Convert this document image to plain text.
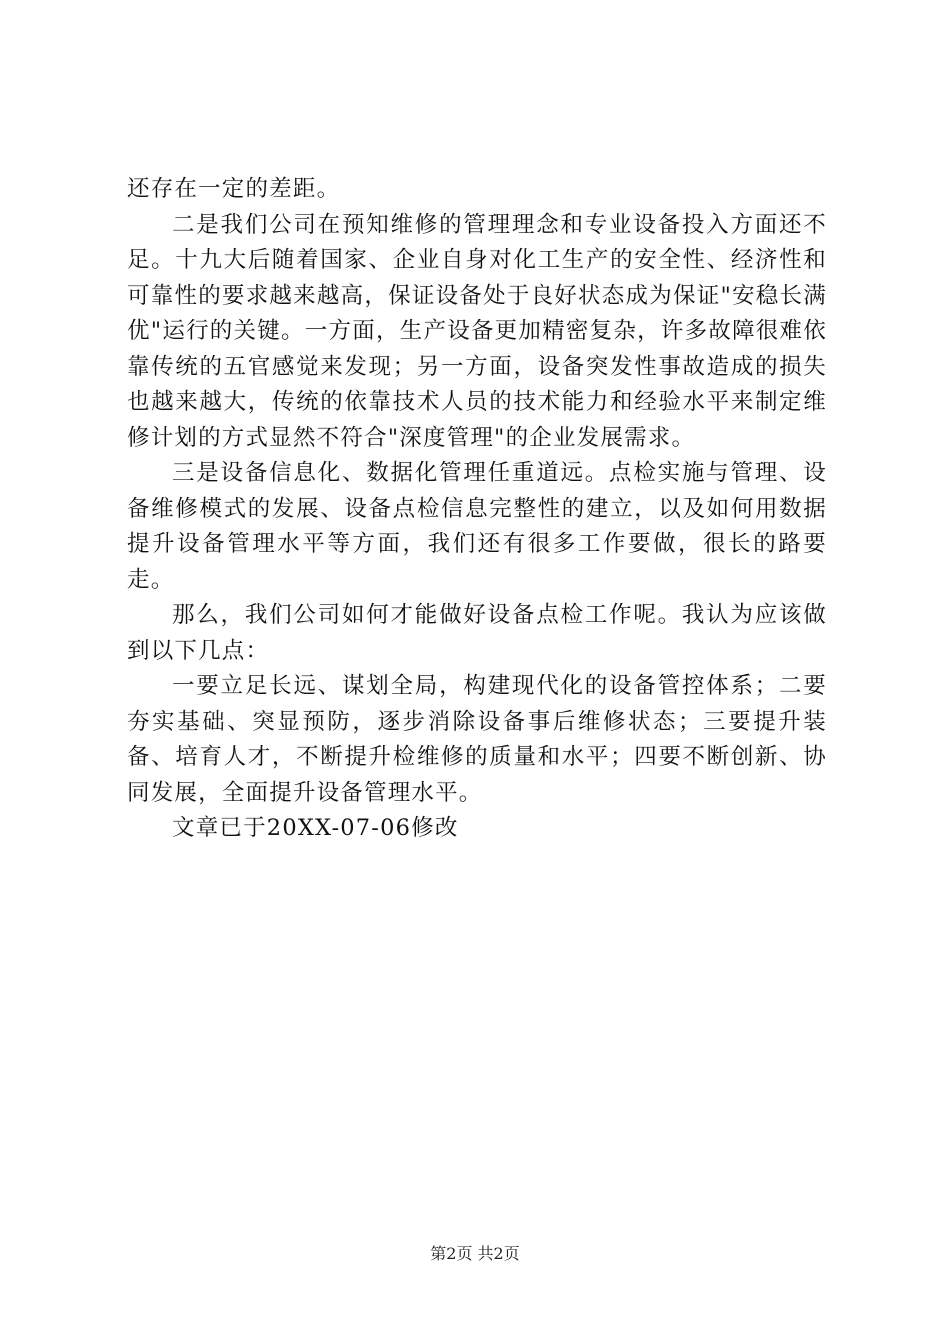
还存在一定的差距。

二是我们公司在预知维修的管理理念和专业设备投入方面还不足。十九大后随着国家、企业自身对化工生产的安全性、经济性和可靠性的要求越来越高，保证设备处于良好状态成为保证"安稳长满优"运行的关键。一方面，生产设备更加精密复杂，许多故障很难依靠传统的五官感觉来发现；另一方面，设备突发性事故造成的损失也越来越大，传统的依靠技术人员的技术能力和经验水平来制定维修计划的方式显然不符合"深度管理"的企业发展需求。

三是设备信息化、数据化管理任重道远。点检实施与管理、设备维修模式的发展、设备点检信息完整性的建立，以及如何用数据提升设备管理水平等方面，我们还有很多工作要做，很长的路要走。

那么，我们公司如何才能做好设备点检工作呢。我认为应该做到以下几点：

一要立足长远、谋划全局，构建现代化的设备管控体系；二要夯实基础、突显预防，逐步消除设备事后维修状态；三要提升装备、培育人才，不断提升检维修的质量和水平；四要不断创新、协同发展，全面提升设备管理水平。

文章已于20XX-07-06修改

第2页 共2页
